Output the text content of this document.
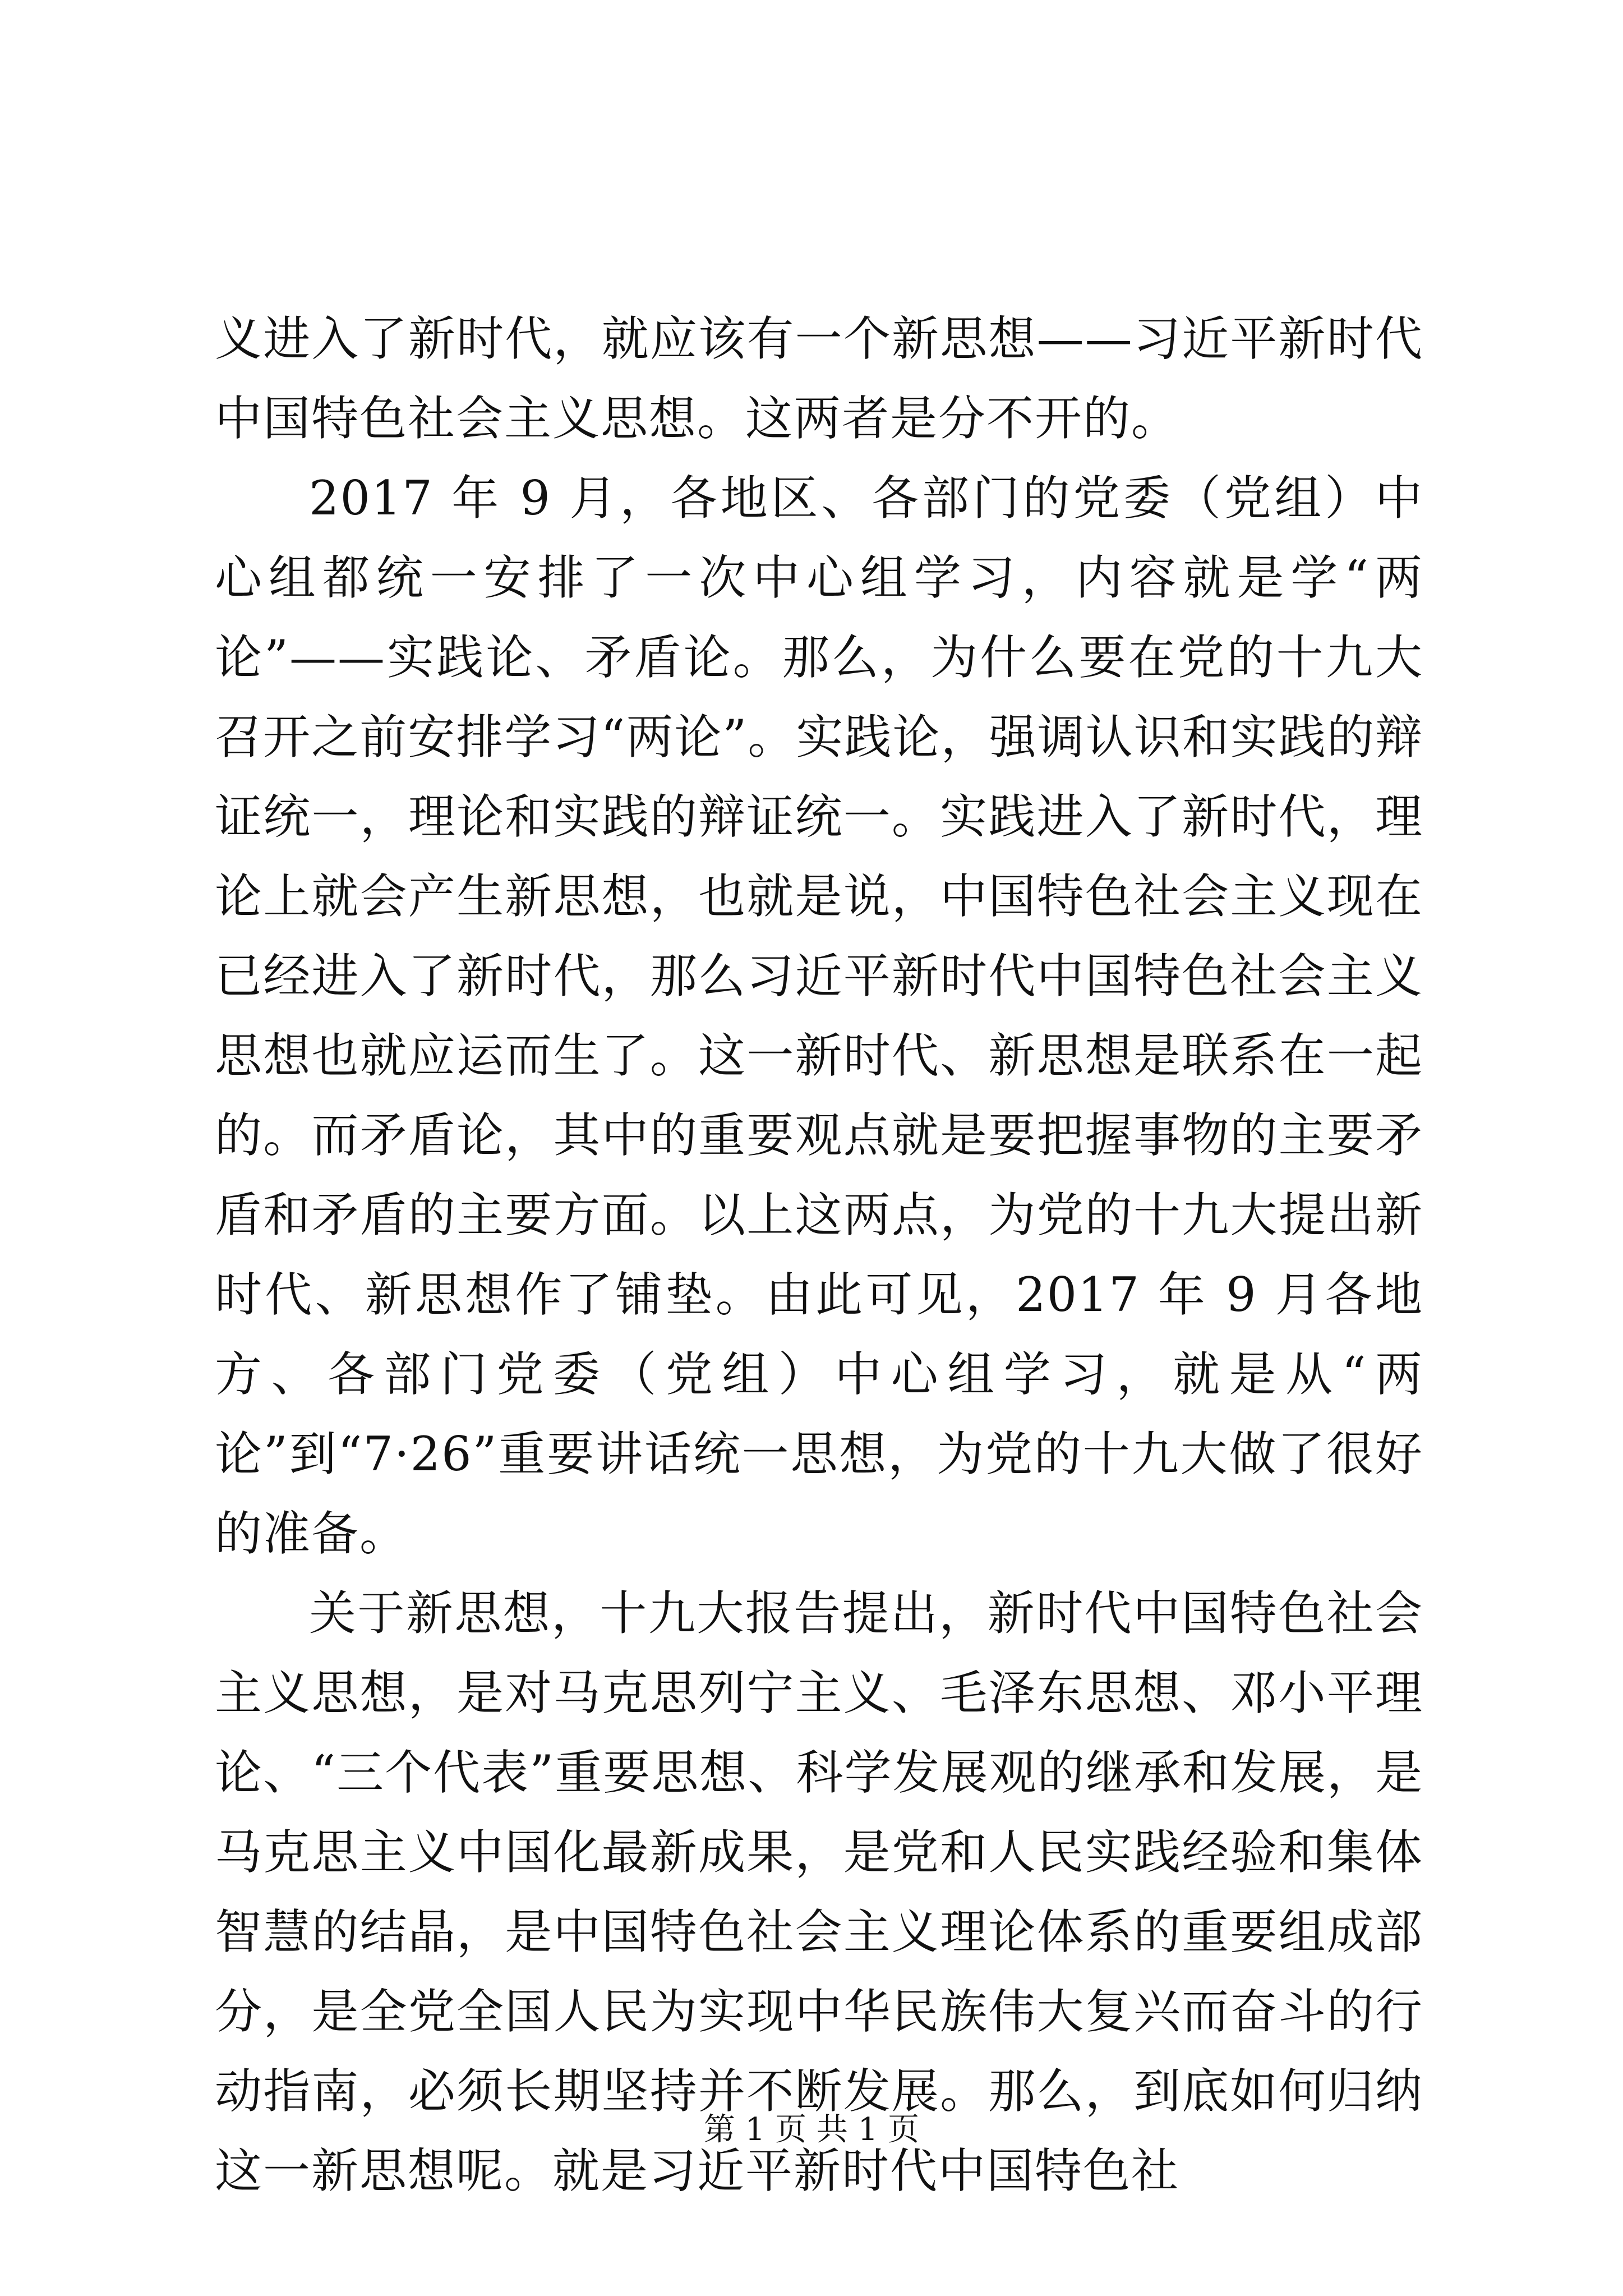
义进入了新时代，就应该有一个新思想——习近平新时代中国特色社会主义思想。这两者是分不开的。

2017 年 9 月，各地区、各部门的党委（党组）中心组都统一安排了一次中心组学习，内容就是学“两论”——实践论、矛盾论。那么，为什么要在党的十九大召开之前安排学习“两论”。实践论，强调认识和实践的辩证统一，理论和实践的辩证统一。实践进入了新时代，理论上就会产生新思想，也就是说，中国特色社会主义现在已经进入了新时代，那么习近平新时代中国特色社会主义思想也就应运而生了。这一新时代、新思想是联系在一起的。而矛盾论，其中的重要观点就是要把握事物的主要矛盾和矛盾的主要方面。以上这两点，为党的十九大提出新时代、新思想作了铺垫。由此可见，2017 年 9 月各地方、各部门党委（党组）中心组学习，就是从“两论”到“7·26”重要讲话统一思想，为党的十九大做了很好的准备。

关于新思想，十九大报告提出，新时代中国特色社会主义思想，是对马克思列宁主义、毛泽东思想、邓小平理论、“三个代表”重要思想、科学发展观的继承和发展，是马克思主义中国化最新成果，是党和人民实践经验和集体智慧的结晶，是中国特色社会主义理论体系的重要组成部分，是全党全国人民为实现中华民族伟大复兴而奋斗的行动指南，必须长期坚持并不断发展。那么，到底如何归纳这一新思想呢。就是习近平新时代中国特色社

第 1 页 共 1 页
